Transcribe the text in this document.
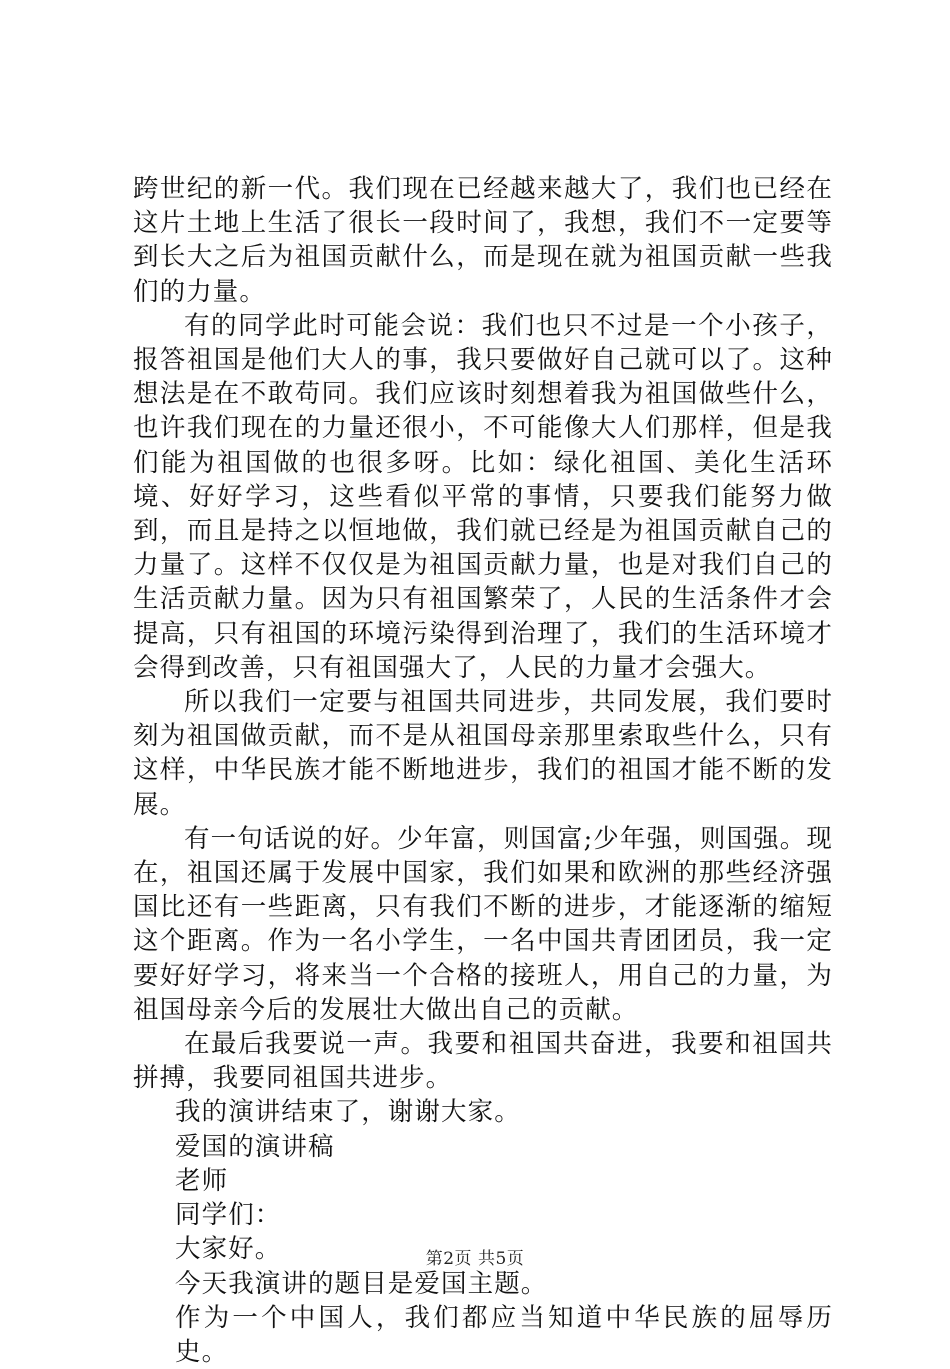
跨世纪的新一代。我们现在已经越来越大了，我们也已经在这片土地上生活了很长一段时间了，我想，我们不一定要等到长大之后为祖国贡献什么，而是现在就为祖国贡献一些我们的力量。

有的同学此时可能会说：我们也只不过是一个小孩子，报答祖国是他们大人的事，我只要做好自己就可以了。这种想法是在不敢苟同。我们应该时刻想着我为祖国做些什么，也许我们现在的力量还很小，不可能像大人们那样，但是我们能为祖国做的也很多呀。比如：绿化祖国、美化生活环境、好好学习，这些看似平常的事情，只要我们能努力做到，而且是持之以恒地做，我们就已经是为祖国贡献自己的力量了。这样不仅仅是为祖国贡献力量，也是对我们自己的生活贡献力量。因为只有祖国繁荣了，人民的生活条件才会提高，只有祖国的环境污染得到治理了，我们的生活环境才会得到改善，只有祖国强大了，人民的力量才会强大。

所以我们一定要与祖国共同进步，共同发展，我们要时刻为祖国做贡献，而不是从祖国母亲那里索取些什么，只有这样，中华民族才能不断地进步，我们的祖国才能不断的发展。

有一句话说的好。少年富，则国富;少年强，则国强。现在，祖国还属于发展中国家，我们如果和欧洲的那些经济强国比还有一些距离，只有我们不断的进步，才能逐渐的缩短这个距离。作为一名小学生，一名中国共青团团员，我一定要好好学习，将来当一个合格的接班人，用自己的力量，为祖国母亲今后的发展壮大做出自己的贡献。

在最后我要说一声。我要和祖国共奋进，我要和祖国共拼搏，我要同祖国共进步。

我的演讲结束了，谢谢大家。

爱国的演讲稿

老师

同学们：

大家好。

今天我演讲的题目是爱国主题。

作为一个中国人，我们都应当知道中华民族的屈辱历史。

第2页 共5页
